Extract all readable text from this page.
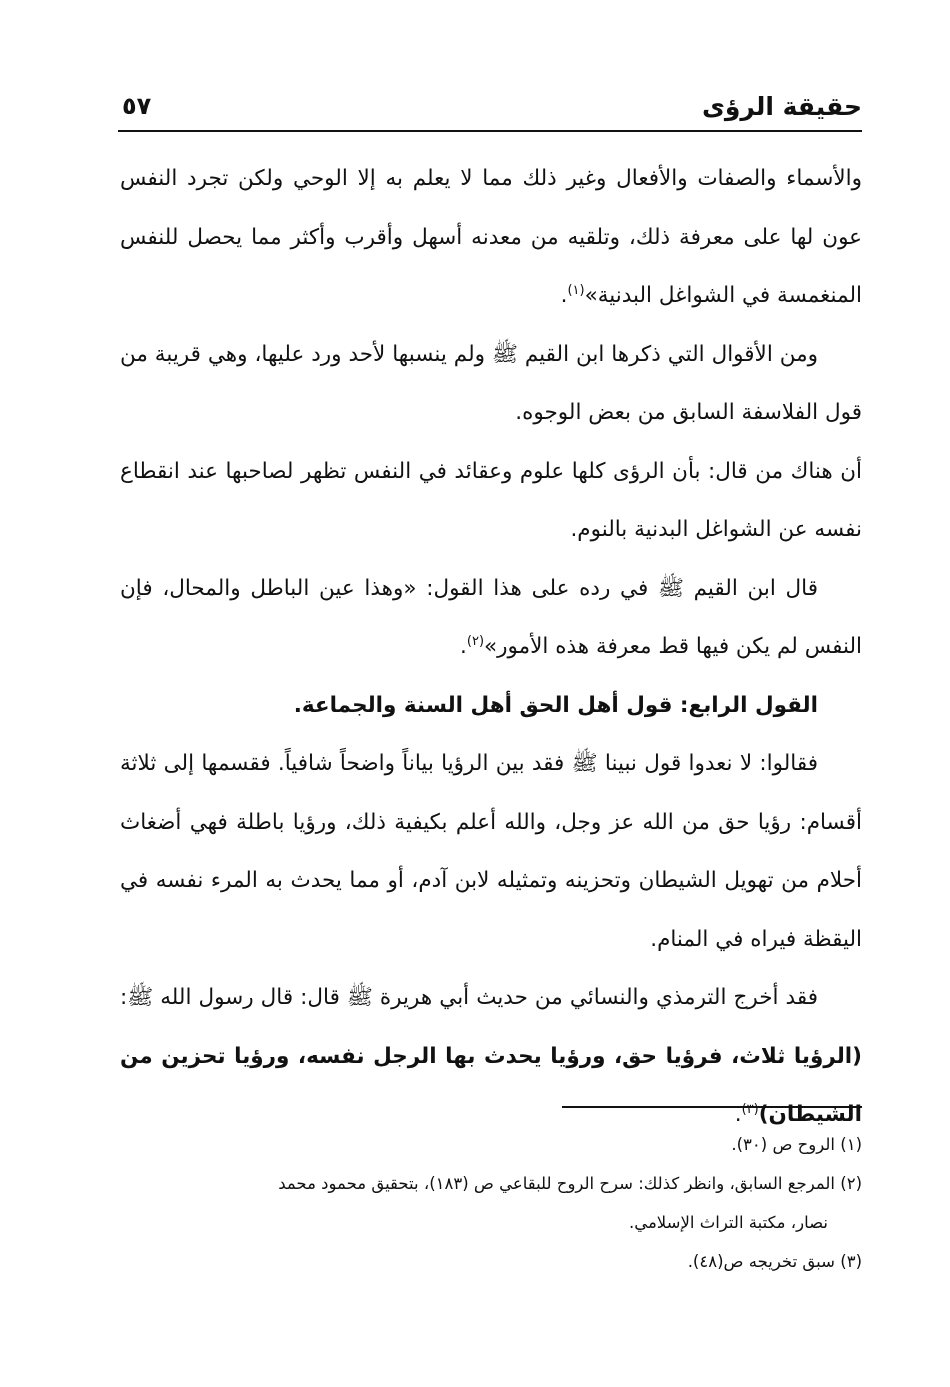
حقيقة الرؤى
٥٧

والأسماء والصفات والأفعال وغير ذلك مما لا يعلم به إلا الوحي ولكن تجرد النفس عون لها على معرفة ذلك، وتلقيه من معدنه أسهل وأقرب وأكثر مما يحصل للنفس المنغمسة في الشواغل البدنية»$^{(١)}$.

ومن الأقوال التي ذكرها ابن القيم ﷺ ولم ينسبها لأحد ورد عليها، وهي قريبة من قول الفلاسفة السابق من بعض الوجوه.

أن هناك من قال: بأن الرؤى كلها علوم وعقائد في النفس تظهر لصاحبها عند انقطاع نفسه عن الشواغل البدنية بالنوم.

قال ابن القيم ﷺ في رده على هذا القول: «وهذا عين الباطل والمحال، فإن النفس لم يكن فيها قط معرفة هذه الأمور»$^{(٢)}$.

القول الرابع: قول أهل الحق أهل السنة والجماعة.

فقالوا: لا نعدوا قول نبينا ﷺ فقد بين الرؤيا بياناً واضحاً شافياً. فقسمها إلى ثلاثة أقسام: رؤيا حق من الله عز وجل، والله أعلم بكيفية ذلك، ورؤيا باطلة فهي أضغاث أحلام من تهويل الشيطان وتحزينه وتمثيله لابن آدم، أو مما يحدث به المرء نفسه في اليقظة فيراه في المنام.

فقد أخرج الترمذي والنسائي من حديث أبي هريرة ﷺ قال: قال رسول الله ﷺ: (الرؤيا ثلاث، فرؤيا حق، ورؤيا يحدث بها الرجل نفسه، ورؤيا تحزين من الشيطان)$^{(٣)}$.

(١) الروح ص (٣٠).

(٢) المرجع السابق، وانظر كذلك: سرح الروح للبقاعي ص (١٨٣)، بتحقيق محمود محمد

نصار، مكتبة التراث الإسلامي.

(٣) سبق تخريجه ص(٤٨).
